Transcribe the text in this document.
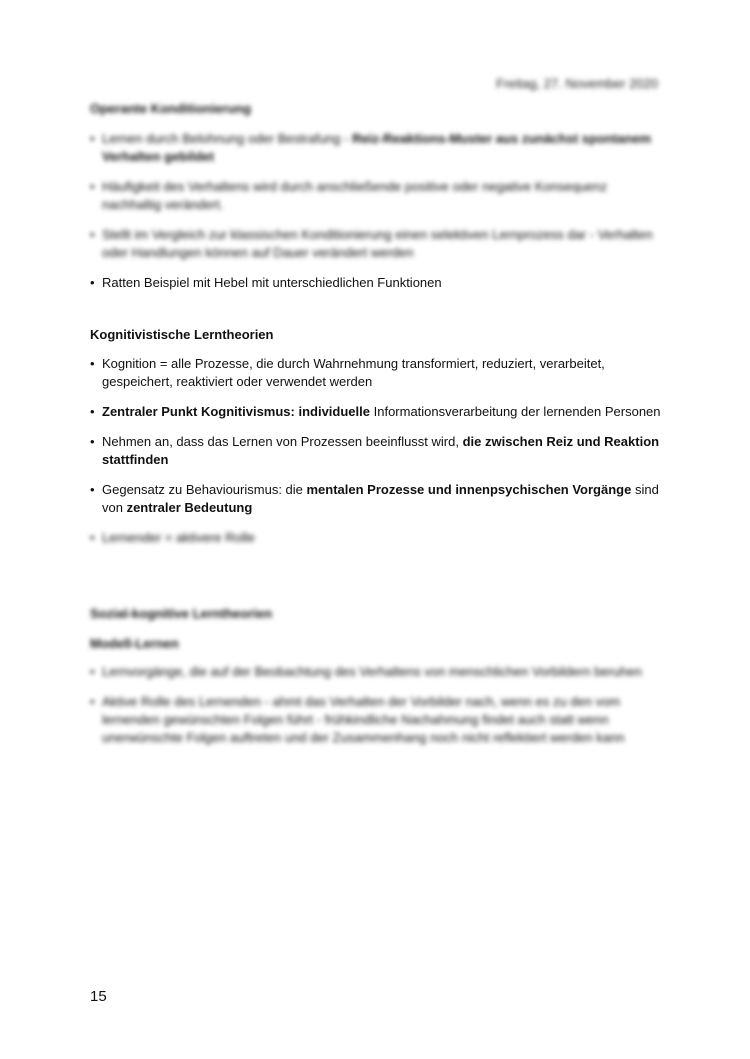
Freitag, 27. November 2020
Operante Konditionierung
• Lernen durch Belohnung oder Bestrafung - Reiz-Reaktions-Muster aus zunächst spontanem Verhalten gebildet
• Häufigkeit des Verhaltens wird durch anschließende positive oder negative Konsequenz nachhaltig verändert.
• Stellt im Vergleich zur klassischen Konditionierung einen selektiven Lernprozess dar - Verhalten oder Handlungen können auf Dauer verändert werden
• Ratten Beispiel mit Hebel mit unterschiedlichen Funktionen
Kognitivistische Lerntheorien
• Kognition = alle Prozesse, die durch Wahrnehmung transformiert, reduziert, verarbeitet, gespeichert, reaktiviert oder verwendet werden
• Zentraler Punkt Kognitivismus: individuelle Informationsverarbeitung der lernenden Personen
• Nehmen an, dass das Lernen von Prozessen beeinflusst wird, die zwischen Reiz und Reaktion stattfinden
• Gegensatz zu Behaviourismus: die mentalen Prozesse und innenpsychischen Vorgänge sind von zentraler Bedeutung
• Lernender = aktivere Rolle
Sozial-kognitive Lerntheorien
Modell-Lernen
• Lernvorgänge, die auf der Beobachtung des Verhaltens von menschlichen Vorbildern beruhen
• Aktive Rolle des Lernenden - ahmt das Verhalten der Vorbilder nach, wenn es zu den vom lernenden gewünschten Folgen führt - frühkindliche Nachahmung findet auch statt wenn unerwünschte Folgen auftreten und der Zusammenhang noch nicht reflektiert werden kann
15
